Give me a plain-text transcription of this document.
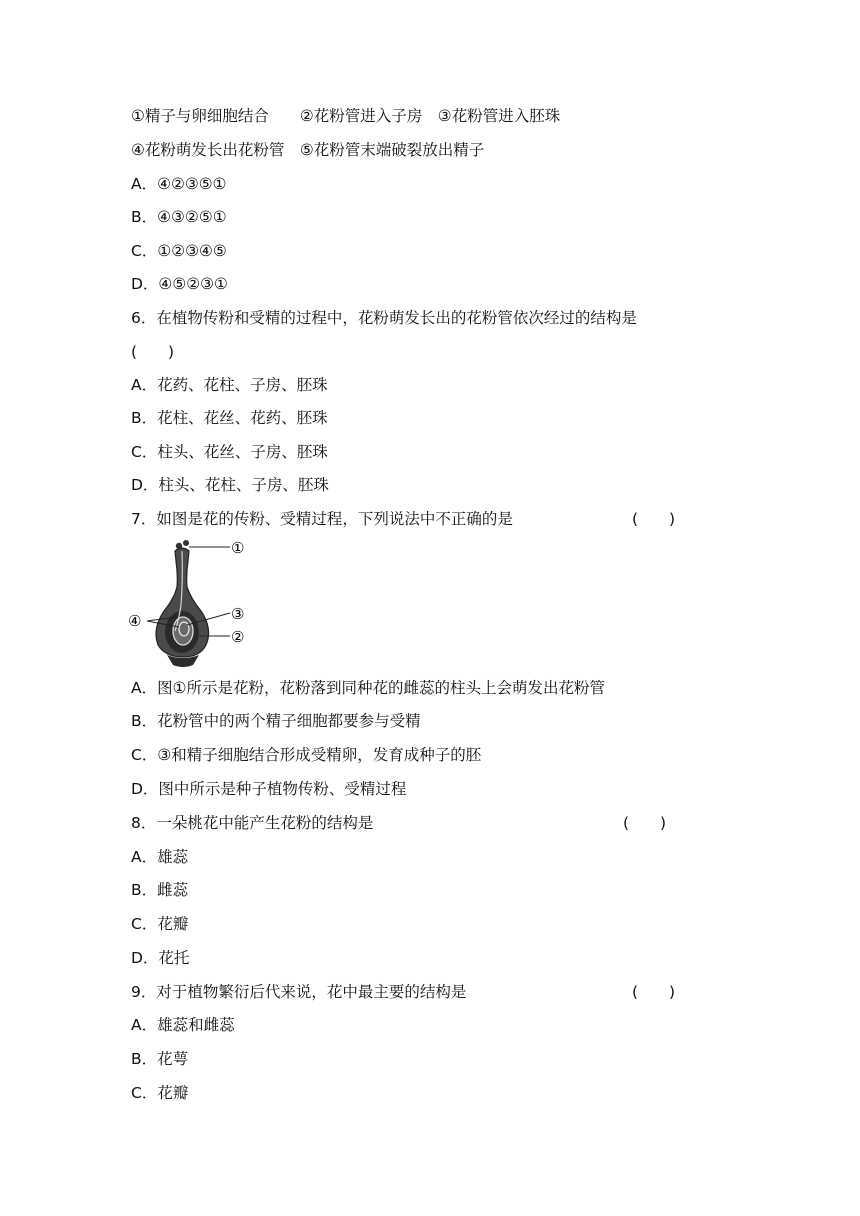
①精子与卵细胞结合　　②花粉管进入子房　③花粉管进入胚珠
④花粉萌发长出花粉管　⑤花粉管末端破裂放出精子
A．④②③⑤①
B．④③②⑤①
C．①②③④⑤
D．④⑤②③①
6．在植物传粉和受精的过程中，花粉萌发长出的花粉管依次经过的结构是
(　　)
A．花药、花柱、子房、胚珠
B．花柱、花丝、花药、胚珠
C．柱头、花丝、子房、胚珠
D．柱头、花柱、子房、胚珠
7．如图是花的传粉、受精过程，下列说法中不正确的是	(　　)
①
③
④
②
A．图①所示是花粉，花粉落到同种花的雌蕊的柱头上会萌发出花粉管
B．花粉管中的两个精子细胞都要参与受精
C．③和精子细胞结合形成受精卵，发育成种子的胚
D．图中所示是种子植物传粉、受精过程
8．一朵桃花中能产生花粉的结构是	(　　)
A．雄蕊
B．雌蕊
C．花瓣
D．花托
9．对于植物繁衍后代来说，花中最主要的结构是	(　　)
A．雄蕊和雌蕊
B．花萼
C．花瓣
